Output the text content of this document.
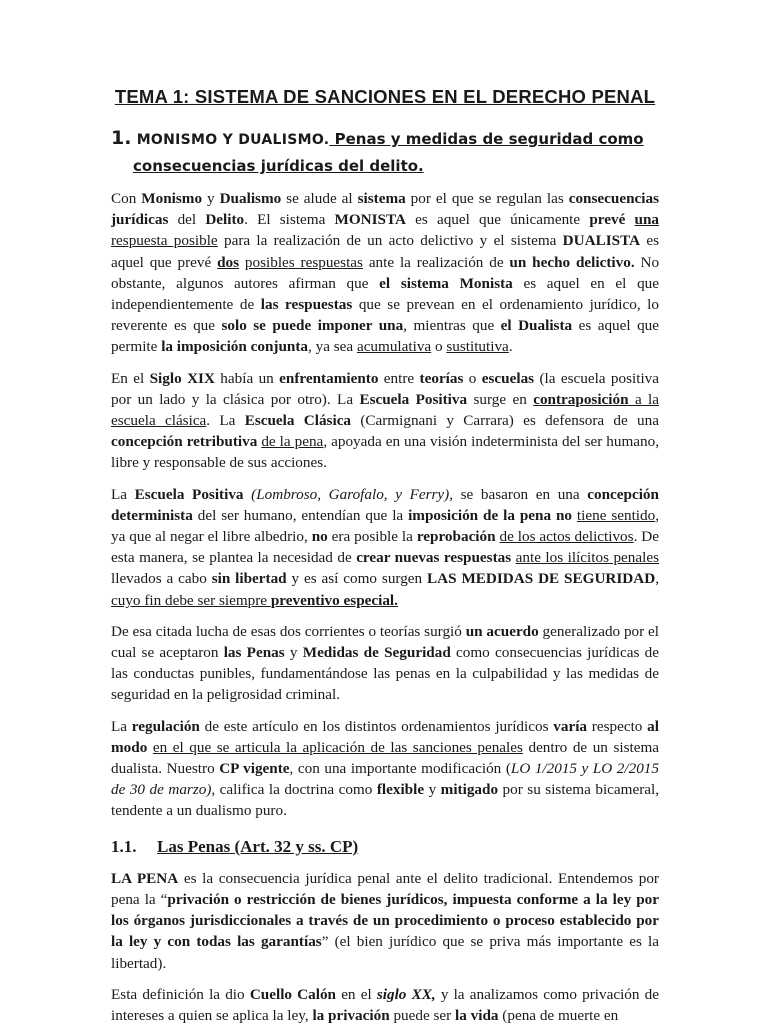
TEMA 1: SISTEMA DE SANCIONES EN EL DERECHO PENAL
1. MONISMO Y DUALISMO. Penas y medidas de seguridad como consecuencias jurídicas del delito.

Con Monismo y Dualismo se alude al sistema por el que se regulan las consecuencias jurídicas del Delito. El sistema MONISTA es aquel que únicamente prevé una respuesta posible para la realización de un acto delictivo y el sistema DUALISTA es aquel que prevé dos posibles respuestas ante la realización de un hecho delictivo. No obstante, algunos autores afirman que el sistema Monista es aquel en el que independientemente de las respuestas que se prevean en el ordenamiento jurídico, lo reverente es que solo se puede imponer una, mientras que el Dualista es aquel que permite la imposición conjunta, ya sea acumulativa o sustitutiva.

En el Siglo XIX había un enfrentamiento entre teorías o escuelas (la escuela positiva por un lado y la clásica por otro). La Escuela Positiva surge en contraposición a la escuela clásica. La Escuela Clásica (Carmignani y Carrara) es defensora de una concepción retributiva de la pena, apoyada en una visión indeterminista del ser humano, libre y responsable de sus acciones.

La Escuela Positiva (Lombroso, Garofalo, y Ferry), se basaron en una concepción determinista del ser humano, entendían que la imposición de la pena no tiene sentido, ya que al negar el libre albedrio, no era posible la reprobación de los actos delictivos. De esta manera, se plantea la necesidad de crear nuevas respuestas ante los ilícitos penales llevados a cabo sin libertad y es así como surgen LAS MEDIDAS DE SEGURIDAD, cuyo fin debe ser siempre preventivo especial.

De esa citada lucha de esas dos corrientes o teorías surgió un acuerdo generalizado por el cual se aceptaron las Penas y Medidas de Seguridad como consecuencias jurídicas de las conductas punibles, fundamentándose las penas en la culpabilidad y las medidas de seguridad en la peligrosidad criminal.

La regulación de este artículo en los distintos ordenamientos jurídicos varía respecto al modo en el que se articula la aplicación de las sanciones penales dentro de un sistema dualista. Nuestro CP vigente, con una importante modificación (LO 1/2015 y LO 2/2015 de 30 de marzo), califica la doctrina como flexible y mitigado por su sistema bicameral, tendente a un dualismo puro.

1.1. Las Penas (Art. 32 y ss. CP)

LA PENA es la consecuencia jurídica penal ante el delito tradicional. Entendemos por pena la “privación o restricción de bienes jurídicos, impuesta conforme a la ley por los órganos jurisdiccionales a través de un procedimiento o proceso establecido por la ley y con todas las garantías” (el bien jurídico que se priva más importante es la libertad).

Esta definición la dio Cuello Calón en el siglo XX, y la analizamos como privación de intereses a quien se aplica la ley, la privación puede ser la vida (pena de muerte en
